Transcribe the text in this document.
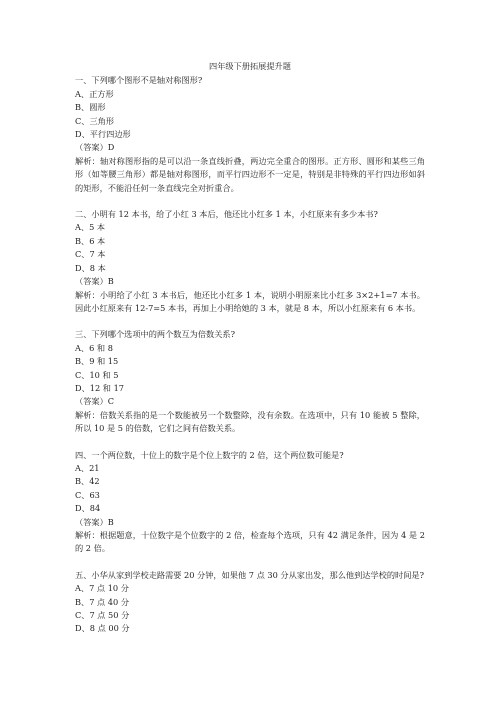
四年级下册拓展提升题
一、下列哪个图形不是轴对称图形?
A、正方形
B、圆形
C、三角形
D、平行四边形
（答案）D
解析：轴对称图形指的是可以沿一条直线折叠，两边完全重合的图形。正方形、圆形和某些三角形（如等腰三角形）都是轴对称图形，而平行四边形不一定是，特别是非特殊的平行四边形如斜的矩形，不能沿任何一条直线完全对折重合。
二、小明有 12 本书，给了小红 3 本后，他还比小红多 1 本，小红原来有多少本书?
A、5 本
B、6 本
C、7 本
D、8 本
（答案）B
解析：小明给了小红 3 本书后，他还比小红多 1 本，说明小明原来比小红多 3×2+1=7 本书。因此小红原来有 12-7=5 本书，再加上小明给她的 3 本，就是 8 本，所以小红原来有 6 本书。
三、下列哪个选项中的两个数互为倍数关系?
A、6 和 8
B、9 和 15
C、10 和 5
D、12 和 17
（答案）C
解析：倍数关系指的是一个数能被另一个数整除，没有余数。在选项中，只有 10 能被 5 整除，所以 10 是 5 的倍数，它们之间有倍数关系。
四、一个两位数，十位上的数字是个位上数字的 2 倍，这个两位数可能是?
A、21
B、42
C、63
D、84
（答案）B
解析：根据题意，十位数字是个位数字的 2 倍，检查每个选项，只有 42 满足条件，因为 4 是 2 的 2 倍。
五、小华从家到学校走路需要 20 分钟，如果他 7 点 30 分从家出发，那么他到达学校的时间是?
A、7 点 10 分
B、7 点 40 分
C、7 点 50 分
D、8 点 00 分
